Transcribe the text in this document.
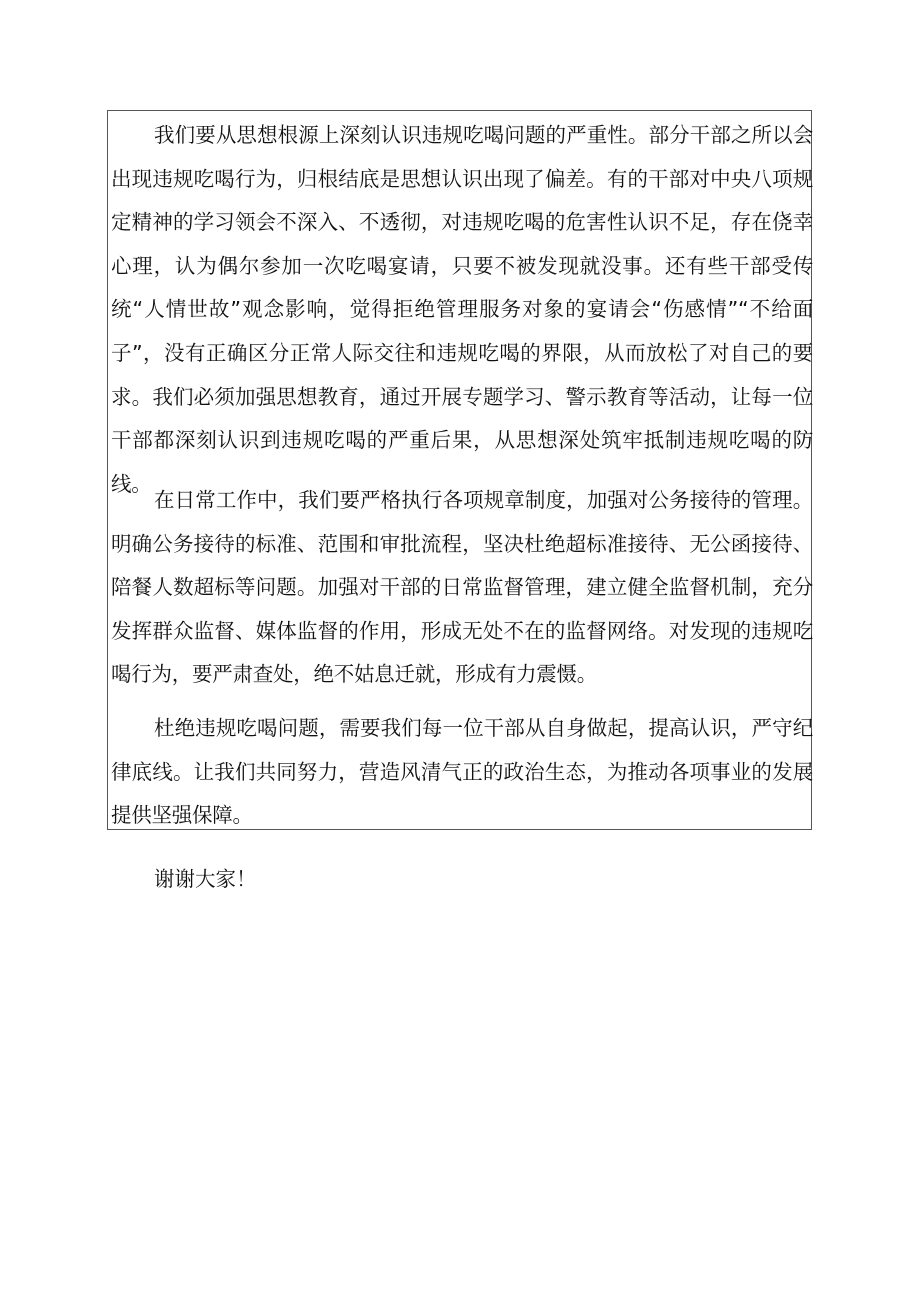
我们要从思想根源上深刻认识违规吃喝问题的严重性。部分干部之所以会出现违规吃喝行为，归根结底是思想认识出现了偏差。有的干部对中央八项规定精神的学习领会不深入、不透彻，对违规吃喝的危害性认识不足，存在侥幸心理，认为偶尔参加一次吃喝宴请，只要不被发现就没事。还有些干部受传统“人情世故”观念影响，觉得拒绝管理服务对象的宴请会“伤感情”“不给面子”，没有正确区分正常人际交往和违规吃喝的界限，从而放松了对自己的要求。我们必须加强思想教育，通过开展专题学习、警示教育等活动，让每一位干部都深刻认识到违规吃喝的严重后果，从思想深处筑牢抵制违规吃喝的防线。

在日常工作中，我们要严格执行各项规章制度，加强对公务接待的管理。明确公务接待的标准、范围和审批流程，坚决杜绝超标准接待、无公函接待、陪餐人数超标等问题。加强对干部的日常监督管理，建立健全监督机制，充分发挥群众监督、媒体监督的作用，形成无处不在的监督网络。对发现的违规吃喝行为，要严肃查处，绝不姑息迁就，形成有力震慑。

杜绝违规吃喝问题，需要我们每一位干部从自身做起，提高认识，严守纪律底线。让我们共同努力，营造风清气正的政治生态，为推动各项事业的发展提供坚强保障。

谢谢大家！
